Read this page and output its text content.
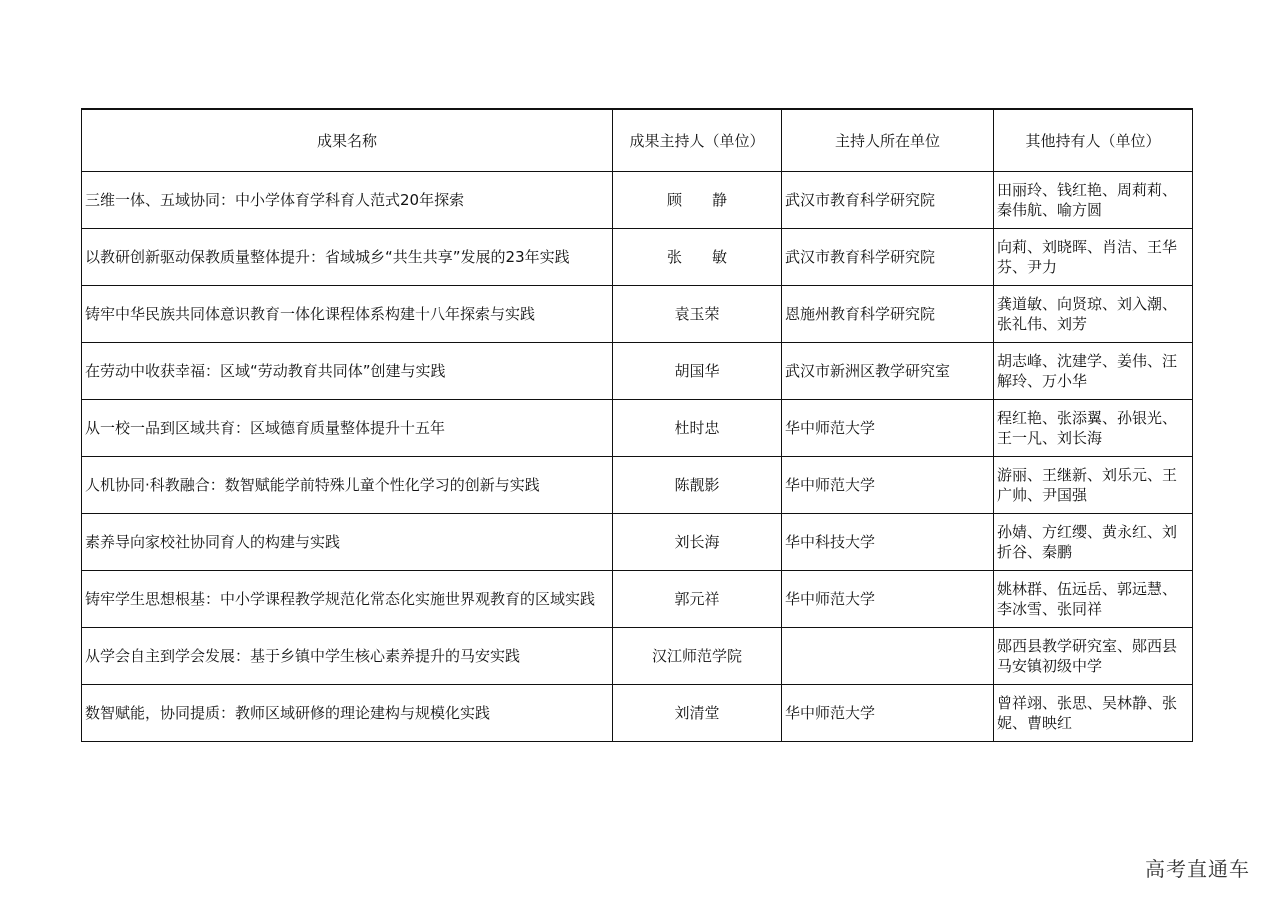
成果名称	成果主持人（单位）	主持人所在单位	其他持有人（单位）
三维一体、五域协同：中小学体育学科育人范式20年探索	顾　　静	武汉市教育科学研究院	田丽玲、钱红艳、周莉莉、秦伟航、喻方圆
以教研创新驱动保教质量整体提升：省域城乡“共生共享”发展的23年实践	张　　敏	武汉市教育科学研究院	向莉、刘晓晖、肖洁、王华芬、尹力
铸牢中华民族共同体意识教育一体化课程体系构建十八年探索与实践	袁玉荣	恩施州教育科学研究院	龚道敏、向贤琼、刘入潮、张礼伟、刘芳
在劳动中收获幸福：区域“劳动教育共同体”创建与实践	胡国华	武汉市新洲区教学研究室	胡志峰、沈建学、姜伟、汪解玲、万小华
从一校一品到区域共育：区域德育质量整体提升十五年	杜时忠	华中师范大学	程红艳、张添翼、孙银光、王一凡、刘长海
人机协同·科教融合：数智赋能学前特殊儿童个性化学习的创新与实践	陈靓影	华中师范大学	游丽、王继新、刘乐元、王广帅、尹国强
素养导向家校社协同育人的构建与实践	刘长海	华中科技大学	孙婧、方红缨、黄永红、刘折谷、秦鹏
铸牢学生思想根基：中小学课程教学规范化常态化实施世界观教育的区域实践	郭元祥	华中师范大学	姚林群、伍远岳、郭远慧、李冰雪、张同祥
从学会自主到学会发展：基于乡镇中学生核心素养提升的马安实践	汉江师范学院		郧西县教学研究室、郧西县马安镇初级中学
数智赋能，协同提质：教师区域研修的理论建构与规模化实践	刘清堂	华中师范大学	曾祥翊、张思、吴林静、张妮、曹映红
高考直通车
